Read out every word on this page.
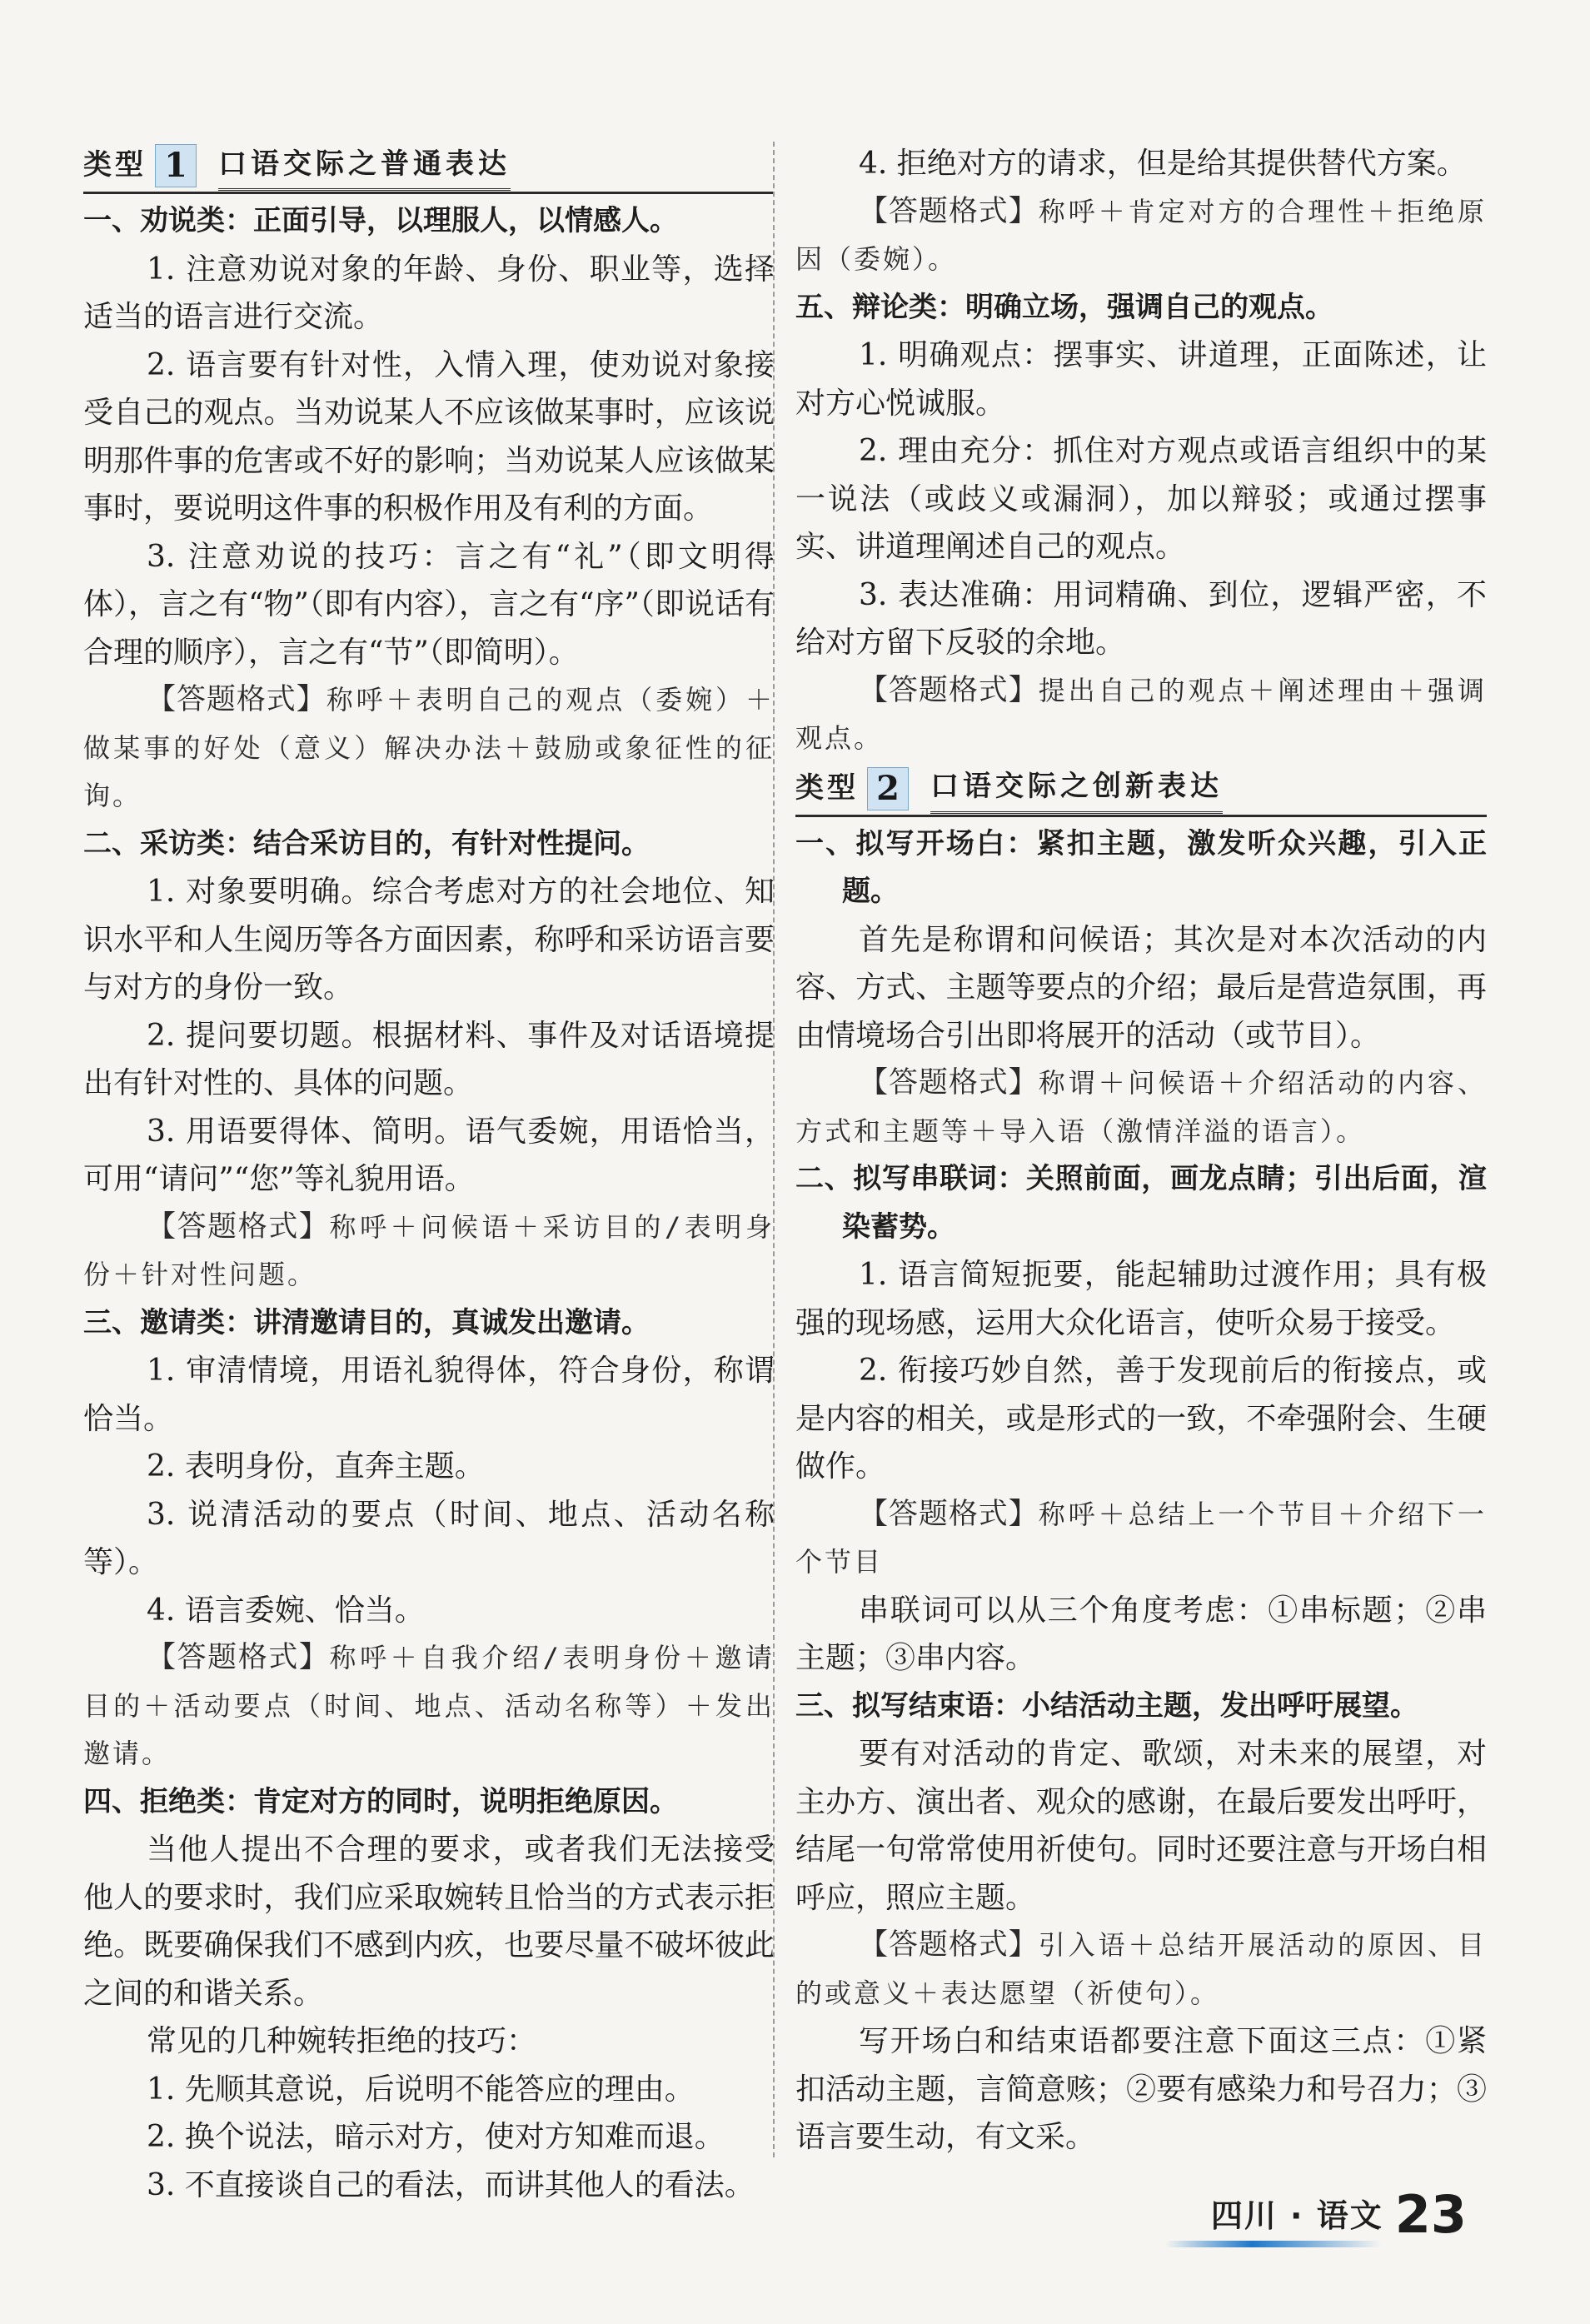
类型 1	口语交际之普通表达

一、劝说类：正面引导，以理服人，以情感人。

1. 注意劝说对象的年龄、身份、职业等，选择适当的语言进行交流。

2. 语言要有针对性，入情入理，使劝说对象接受自己的观点。当劝说某人不应该做某事时，应该说明那件事的危害或不好的影响；当劝说某人应该做某事时，要说明这件事的积极作用及有利的方面。

3. 注意劝说的技巧：言之有“礼”（即文明得体），言之有“物”（即有内容），言之有“序”（即说话有合理的顺序），言之有“节”（即简明）。

【答题格式】称呼＋表明自己的观点（委婉）＋做某事的好处（意义）解决办法＋鼓励或象征性的征询。

二、采访类：结合采访目的，有针对性提问。

1. 对象要明确。综合考虑对方的社会地位、知识水平和人生阅历等各方面因素，称呼和采访语言要与对方的身份一致。

2. 提问要切题。根据材料、事件及对话语境提出有针对性的、具体的问题。

3. 用语要得体、简明。语气委婉，用语恰当，可用“请问”“您”等礼貌用语。

【答题格式】称呼＋问候语＋采访目的/表明身份＋针对性问题。

三、邀请类：讲清邀请目的，真诚发出邀请。

1. 审清情境，用语礼貌得体，符合身份，称谓恰当。

2. 表明身份，直奔主题。

3. 说清活动的要点（时间、地点、活动名称等）。

4. 语言委婉、恰当。

【答题格式】称呼＋自我介绍/表明身份＋邀请目的＋活动要点（时间、地点、活动名称等）＋发出邀请。

四、拒绝类：肯定对方的同时，说明拒绝原因。

当他人提出不合理的要求，或者我们无法接受他人的要求时，我们应采取婉转且恰当的方式表示拒绝。既要确保我们不感到内疚，也要尽量不破坏彼此之间的和谐关系。

常见的几种婉转拒绝的技巧：

1. 先顺其意说，后说明不能答应的理由。

2. 换个说法，暗示对方，使对方知难而退。

3. 不直接谈自己的看法，而讲其他人的看法。

4. 拒绝对方的请求，但是给其提供替代方案。

【答题格式】称呼＋肯定对方的合理性＋拒绝原因（委婉）。

五、辩论类：明确立场，强调自己的观点。

1. 明确观点：摆事实、讲道理，正面陈述，让对方心悦诚服。

2. 理由充分：抓住对方观点或语言组织中的某一说法（或歧义或漏洞），加以辩驳；或通过摆事实、讲道理阐述自己的观点。

3. 表达准确：用词精确、到位，逻辑严密，不给对方留下反驳的余地。

【答题格式】提出自己的观点＋阐述理由＋强调观点。

类型 2	口语交际之创新表达

一、拟写开场白：紧扣主题，激发听众兴趣，引入正题。

首先是称谓和问候语；其次是对本次活动的内容、方式、主题等要点的介绍；最后是营造氛围，再由情境场合引出即将展开的活动（或节目）。

【答题格式】称谓＋问候语＋介绍活动的内容、方式和主题等＋导入语（激情洋溢的语言）。

二、拟写串联词：关照前面，画龙点睛；引出后面，渲染蓄势。

1. 语言简短扼要，能起辅助过渡作用；具有极强的现场感，运用大众化语言，使听众易于接受。

2. 衔接巧妙自然，善于发现前后的衔接点，或是内容的相关，或是形式的一致，不牵强附会、生硬做作。

【答题格式】称呼＋总结上一个节目＋介绍下一个节目

串联词可以从三个角度考虑：①串标题；②串主题；③串内容。

三、拟写结束语：小结活动主题，发出呼吁展望。

要有对活动的肯定、歌颂，对未来的展望，对主办方、演出者、观众的感谢，在最后要发出呼吁，结尾一句常常使用祈使句。同时还要注意与开场白相呼应，照应主题。

【答题格式】引入语＋总结开展活动的原因、目的或意义＋表达愿望（祈使句）。

写开场白和结束语都要注意下面这三点：①紧扣活动主题，言简意赅；②要有感染力和号召力；③语言要生动，有文采。

四川 · 语文 23
